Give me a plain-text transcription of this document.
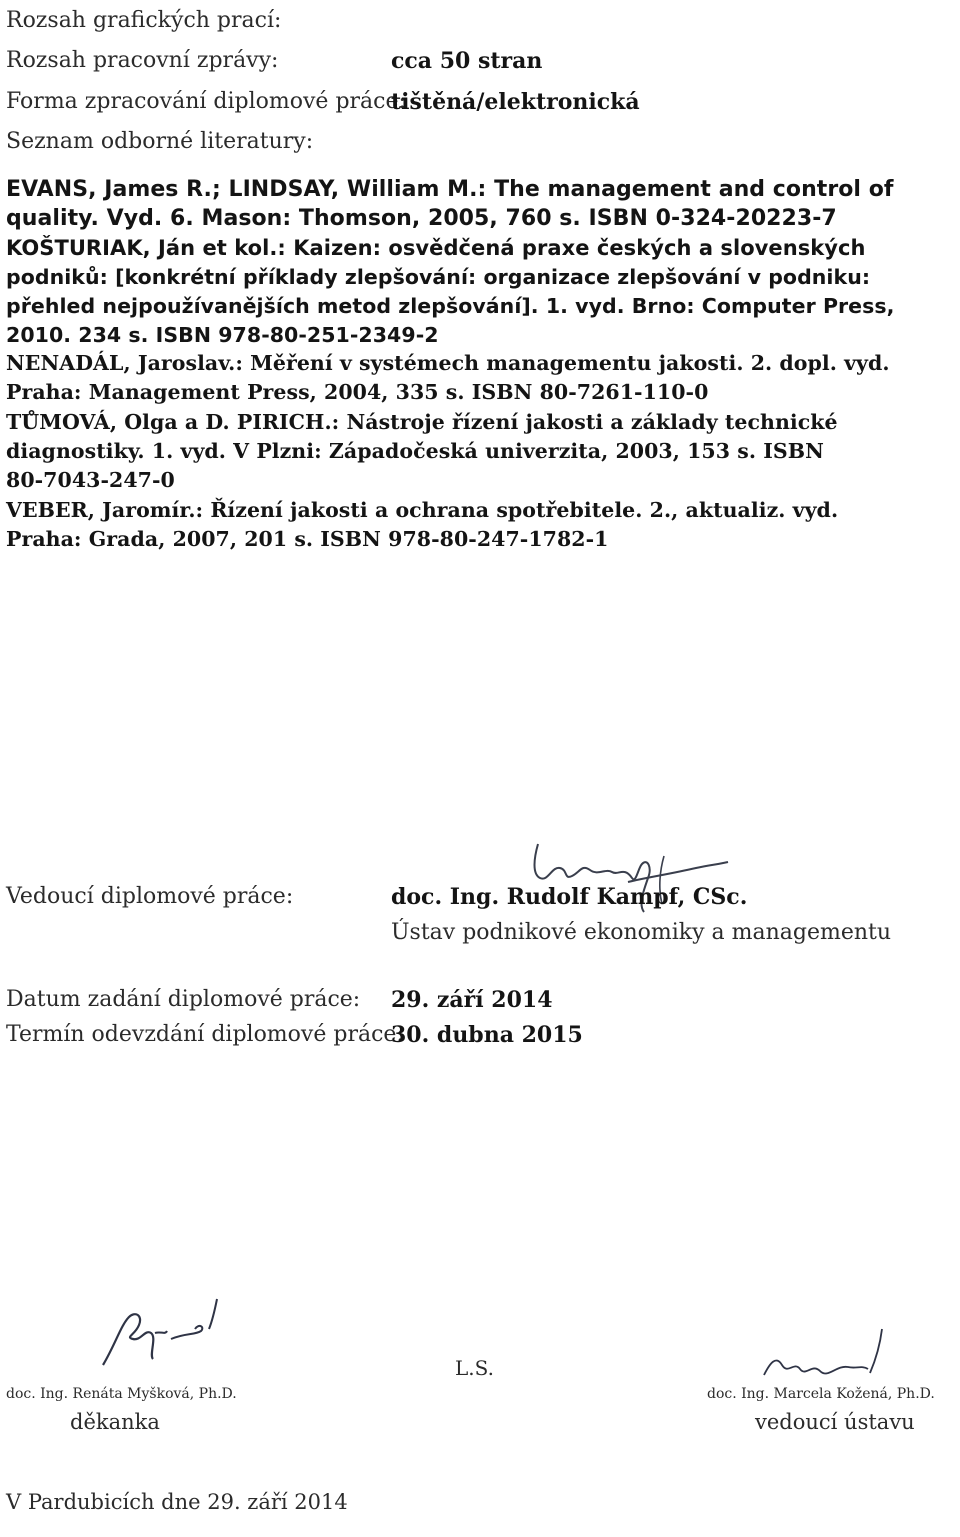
Rozsah grafických prací:
Rozsah pracovní zprávy:	cca 50 stran
Forma zpracování diplomové práce:
tištěná/elektronická
Seznam odborné literatury:
EVANS, James R.; LINDSAY, William M.: The management and control of
quality. Vyd. 6. Mason: Thomson, 2005, 760 s. ISBN 0-324-20223-7
KOŠTURIAK, Ján et kol.: Kaizen: osvědčená praxe českých a slovenských
podniků: [konkrétní příklady zlepšování: organizace zlepšování v podniku:
přehled nejpoužívanějších metod zlepšování]. 1. vyd. Brno: Computer Press,
2010. 234 s. ISBN 978-80-251-2349-2
NENADÁL, Jaroslav.: Měření v systémech managementu jakosti. 2. dopl. vyd.
Praha: Management Press, 2004, 335 s. ISBN 80-7261-110-0
TŮMOVÁ, Olga a D. PIRICH.: Nástroje řízení jakosti a základy technické
diagnostiky. 1. vyd. V Plzni: Západočeská univerzita, 2003, 153 s. ISBN
80-7043-247-0
VEBER, Jaromír.: Řízení jakosti a ochrana spotřebitele. 2., aktualiz. vyd.
Praha: Grada, 2007, 201 s. ISBN 978-80-247-1782-1
Vedoucí diplomové práce:	doc. Ing. Rudolf Kampf, CSc.
Ústav podnikové ekonomiky a managementu
Datum zadání diplomové práce: 29. září 2014
Termín odevzdání diplomové práce:
30. dubna 2015
doc. Ing. Renáta Myšková, Ph.D.
děkanka
L.S.
doc. Ing. Marcela Kožená, Ph.D.
vedoucí ústavu
V Pardubicích dne 29. září 2014
